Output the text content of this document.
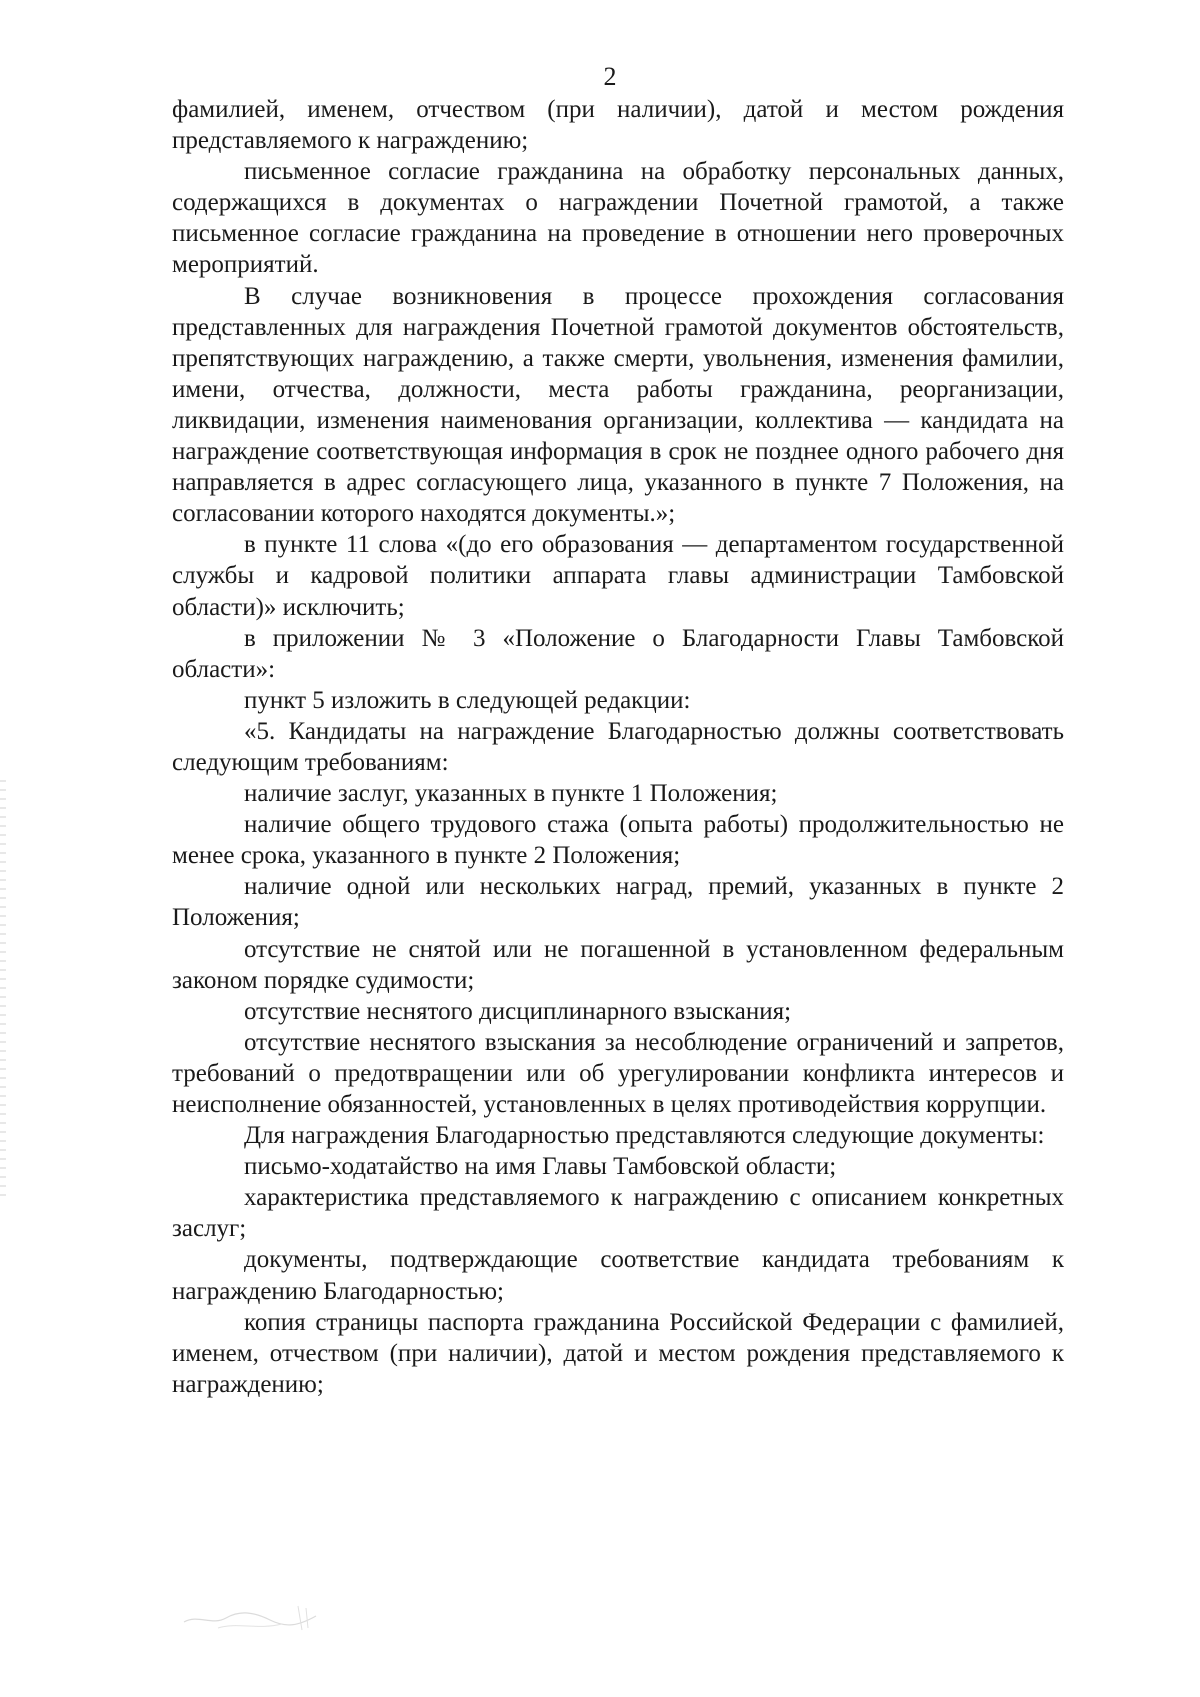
2

фамилией, именем, отчеством (при наличии), датой и местом рождения представляемого к награждению;

письменное согласие гражданина на обработку персональных данных, содержащихся в документах о награждении Почетной грамотой, а также письменное согласие гражданина на проведение в отношении него проверочных мероприятий.

В случае возникновения в процессе прохождения согласования представленных для награждения Почетной грамотой документов обстоятельств, препятствующих награждению, а также смерти, увольнения, изменения фамилии, имени, отчества, должности, места работы гражданина, реорганизации, ликвидации, изменения наименования организации, коллектива — кандидата на награждение соответствующая информация в срок не позднее одного рабочего дня направляется в адрес согласующего лица, указанного в пункте 7 Положения, на согласовании которого находятся документы.»;

в пункте 11 слова «(до его образования — департаментом государственной службы и кадровой политики аппарата главы администрации Тамбовской области)» исключить;

в приложении № 3 «Положение о Благодарности Главы Тамбовской области»:

пункт 5 изложить в следующей редакции:

«5. Кандидаты на награждение Благодарностью должны соответствовать следующим требованиям:

наличие заслуг, указанных в пункте 1 Положения;

наличие общего трудового стажа (опыта работы) продолжительностью не менее срока, указанного в пункте 2 Положения;

наличие одной или нескольких наград, премий, указанных в пункте 2 Положения;

отсутствие не снятой или не погашенной в установленном федеральным законом порядке судимости;

отсутствие неснятого дисциплинарного взыскания;

отсутствие неснятого взыскания за несоблюдение ограничений и запретов, требований о предотвращении или об урегулировании конфликта интересов и неисполнение обязанностей, установленных в целях противодействия коррупции.

Для награждения Благодарностью представляются следующие документы:

письмо-ходатайство на имя Главы Тамбовской области;

характеристика представляемого к награждению с описанием конкретных заслуг;

документы, подтверждающие соответствие кандидата требованиям к награждению Благодарностью;

копия страницы паспорта гражданина Российской Федерации с фамилией, именем, отчеством (при наличии), датой и местом рождения представляемого к награждению;
